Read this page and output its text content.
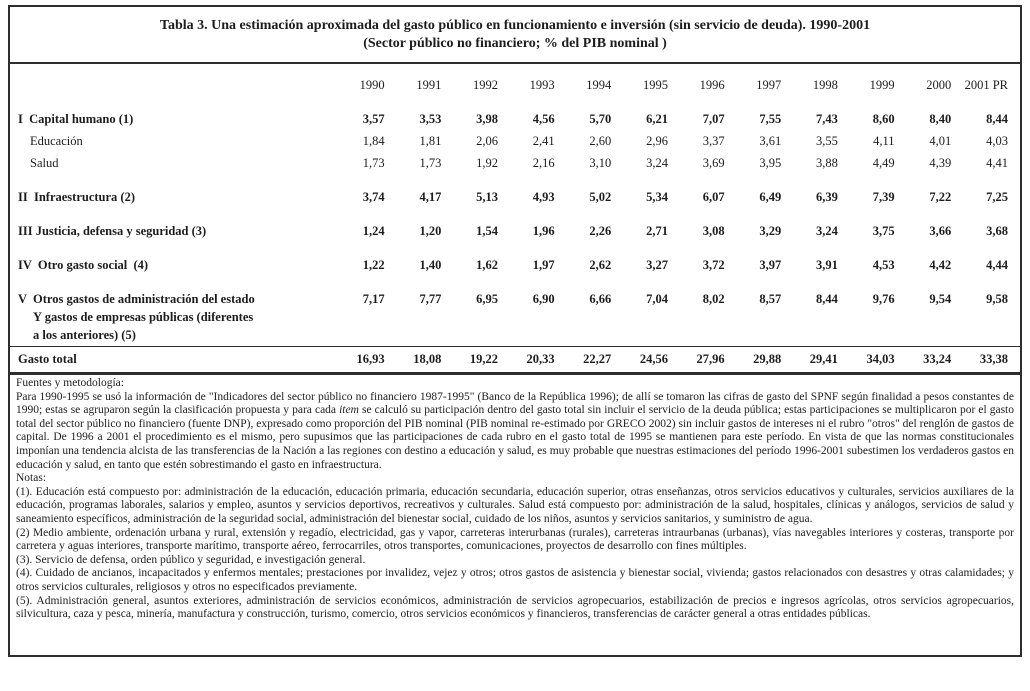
Tabla 3. Una estimación aproximada del gasto público en funcionamiento e inversión (sin servicio de deuda). 1990-2001
(Sector público no financiero; % del PIB nominal )
	1990	1991	1992	1993	1994	1995	1996	1997	1998	1999	2000	2001 PR

I  Capital humano (1)	3,57	3,53	3,98	4,56	5,70	6,21	7,07	7,55	7,43	8,60	8,40	8,44

Educación	1,84	1,81	2,06	2,41	2,60	2,96	3,37	3,61	3,55	4,11	4,01	4,03

Salud	1,73	1,73	1,92	2,16	3,10	3,24	3,69	3,95	3,88	4,49	4,39	4,41

II  Infraestructura (2)	3,74	4,17	5,13	4,93	5,02	5,34	6,07	6,49	6,39	7,39	7,22	7,25

III Justicia, defensa y seguridad (3)	1,24	1,20	1,54	1,96	2,26	2,71	3,08	3,29	3,24	3,75	3,66	3,68

IV  Otro gasto social  (4)	1,22	1,40	1,62	1,97	2,62	3,27	3,72	3,97	3,91	4,53	4,42	4,44

V  Otros gastos de administración del estado
Y gastos de empresas públicas (diferentes
a los anteriores) (5)	7,17	7,77	6,95	6,90	6,66	7,04	8,02	8,57	8,44	9,76	9,54	9,58

Gasto total	16,93	18,08	19,22	20,33	22,27	24,56	27,96	29,88	29,41	34,03	33,24	33,38

Fuentes y metodología:

Para 1990-1995 se usó la información de "Indicadores del sector público no financiero 1987-1995" (Banco de la República 1996); de allí se tomaron las cifras de gasto del SPNF según finalidad a pesos constantes de 1990; estas se agruparon según la clasificación propuesta y para cada item se calculó su participación dentro del gasto total sin incluir el servicio de la deuda pública; estas participaciones se multiplicaron por el gasto total del sector público no financiero (fuente DNP), expresado como proporción del PIB nominal (PIB nominal re-estimado por GRECO 2002) sin incluir gastos de intereses ni el rubro "otros" del renglón de gastos de capital. De 1996 a 2001 el procedimiento es el mismo, pero supusimos que las participaciones de cada rubro en el gasto total de 1995 se mantienen para este período. En vista de que las normas constitucionales imponían una tendencia alcista de las transferencias de la Nación a las regiones con destino a educación y salud, es muy probable que nuestras estimaciones del período 1996-2001 subestimen los verdaderos gastos en educación y salud, en tanto que estén sobrestimando el gasto en infraestructura.

Notas:

(1). Educación está compuesto por: administración de la educación, educación primaria, educación secundaria, educación superior, otras enseñanzas, otros servicios educativos y culturales, servicios auxiliares de la educación, programas laborales, salarios y empleo, asuntos y servicios deportivos, recreativos y culturales. Salud está compuesto por: administración de la salud, hospitales, clínicas y análogos, servicios de salud y saneamiento específicos, administración de la seguridad social, administración del bienestar social, cuidado de los niños, asuntos y servicios sanitarios, y suministro de agua.

(2) Medio ambiente, ordenación urbana y rural, extensión y regadío, electricidad, gas y vapor, carreteras interurbanas (rurales), carreteras intraurbanas (urbanas), vías navegables interiores y costeras, transporte por carretera y aguas interiores, transporte marítimo, transporte aéreo, ferrocarriles, otros transportes, comunicaciones, proyectos de desarrollo con fines múltiples.

(3). Servicio de defensa, orden público y seguridad, e investigación general.

(4). Cuidado de ancianos, incapacitados y enfermos mentales; prestaciones por invalidez, vejez y otros; otros gastos de asistencia y bienestar social, vivienda; gastos relacionados con desastres y otras calamidades; y otros servicios culturales, religiosos y otros no especificados previamente.

(5). Administración general, asuntos exteriores, administración de servicios económicos, administración de servicios agropecuarios, estabilización de precios e ingresos agrícolas, otros servicios agropecuarios, silvicultura, caza y pesca, minería, manufactura y construcción, turismo, comercio, otros servicios económicos y financieros, transferencias de carácter general a otras entidades públicas.
